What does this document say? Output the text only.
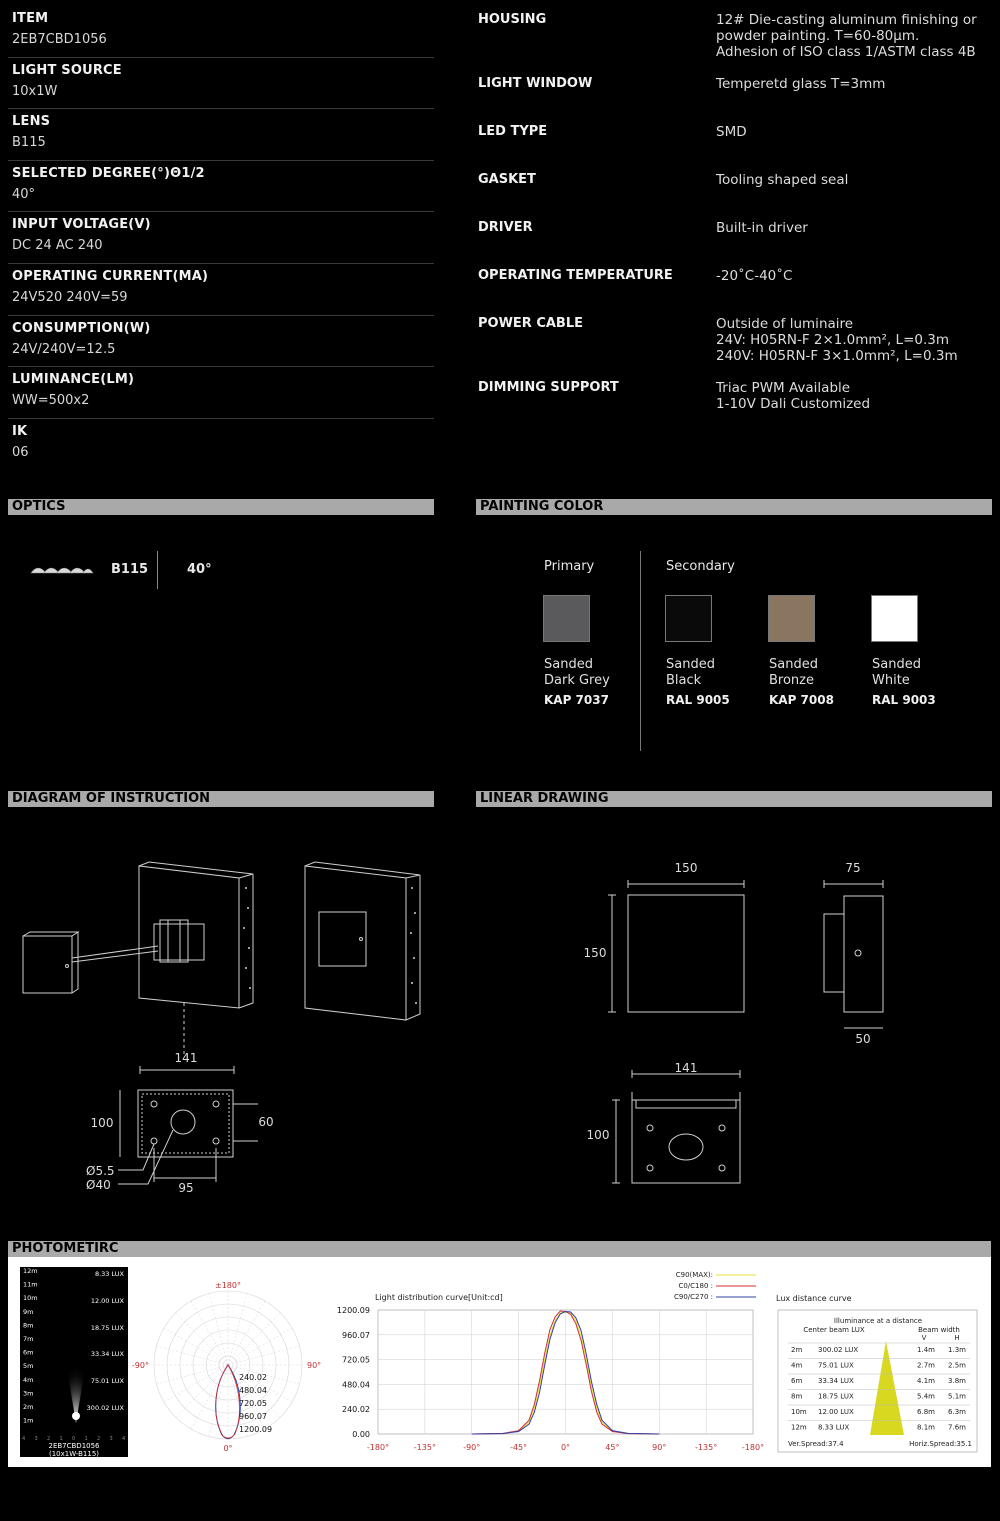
ITEM
2EB7CBD1056
LIGHT SOURCE
10x1W
LENS
B115
SELECTED DEGREE(°)Θ1/2
40°
INPUT VOLTAGE(V)
DC 24 AC 240
OPERATING CURRENT(MA)
24V520 240V=59
CONSUMPTION(W)
24V/240V=12.5
LUMINANCE(LM)
WW=500x2
IK
06
HOUSING	12# Die-casting aluminum finishing or
powder painting. T=60-80μm.
Adhesion of ISO class 1/ASTM class 4B
LIGHT WINDOW	Temperetd glass T=3mm
LED TYPE	SMD
GASKET	Tooling shaped seal
DRIVER	Built-in driver
OPERATING TEMPERATURE	-20˚C-40˚C
POWER CABLE	Outside of luminaire
24V: H05RN-F 2×1.0mm², L=0.3m
240V: H05RN-F 3×1.0mm², L=0.3m
DIMMING SUPPORT	Triac PWM Available
1-10V Dali Customized
OPTICS	PAINTING COLOR
DIAGRAM OF INSTRUCTION	LINEAR DRAWING
PHOTOMETIRC
B115	40°	Primary	Secondary
Sanded
Dark Grey
KAP 7037
Sanded
Black
RAL 9005
Sanded
Bronze
KAP 7008
Sanded
White
RAL 9003
141
100	60
95
Ø5.5
Ø40
150
150
75
50
141
100
12m
11m
10m
9m
8m
7m
6m
5m
4m
3m
2m
1m
8.33 LUX
12.00 LUX
18.75 LUX
33.34 LUX
75.01 LUX
300.02 LUX
4 3 2 1 0 1 2 3 4
2EB7CBD1056
(10x1W-B115)
±180°
-90°	90°
0°
240.02
480.04
720.05
960.07
1200.09
Light distribution curve[Unit:cd]
C90(MAX):
C0/C180 :
C90/C270 :
0.00
240.02
480.04
720.05
960.07
1200.09
-180°	-135°	-90°	-45°	0°	45°	90°	-135°	-180°
Lux distance curve
Illuminance at a distance
Center beam LUX	Beam width
V	H
2m 300.02 LUX	1.4m 1.3m
4m 75.01 LUX	2.7m 2.5m
6m 33.34 LUX	4.1m 3.8m
8m 18.75 LUX	5.4m 5.1m
10m 12.00 LUX	6.8m 6.3m
12m 8.33 LUX	8.1m 7.6m
Ver.Spread:37.4	Horiz.Spread:35.1
